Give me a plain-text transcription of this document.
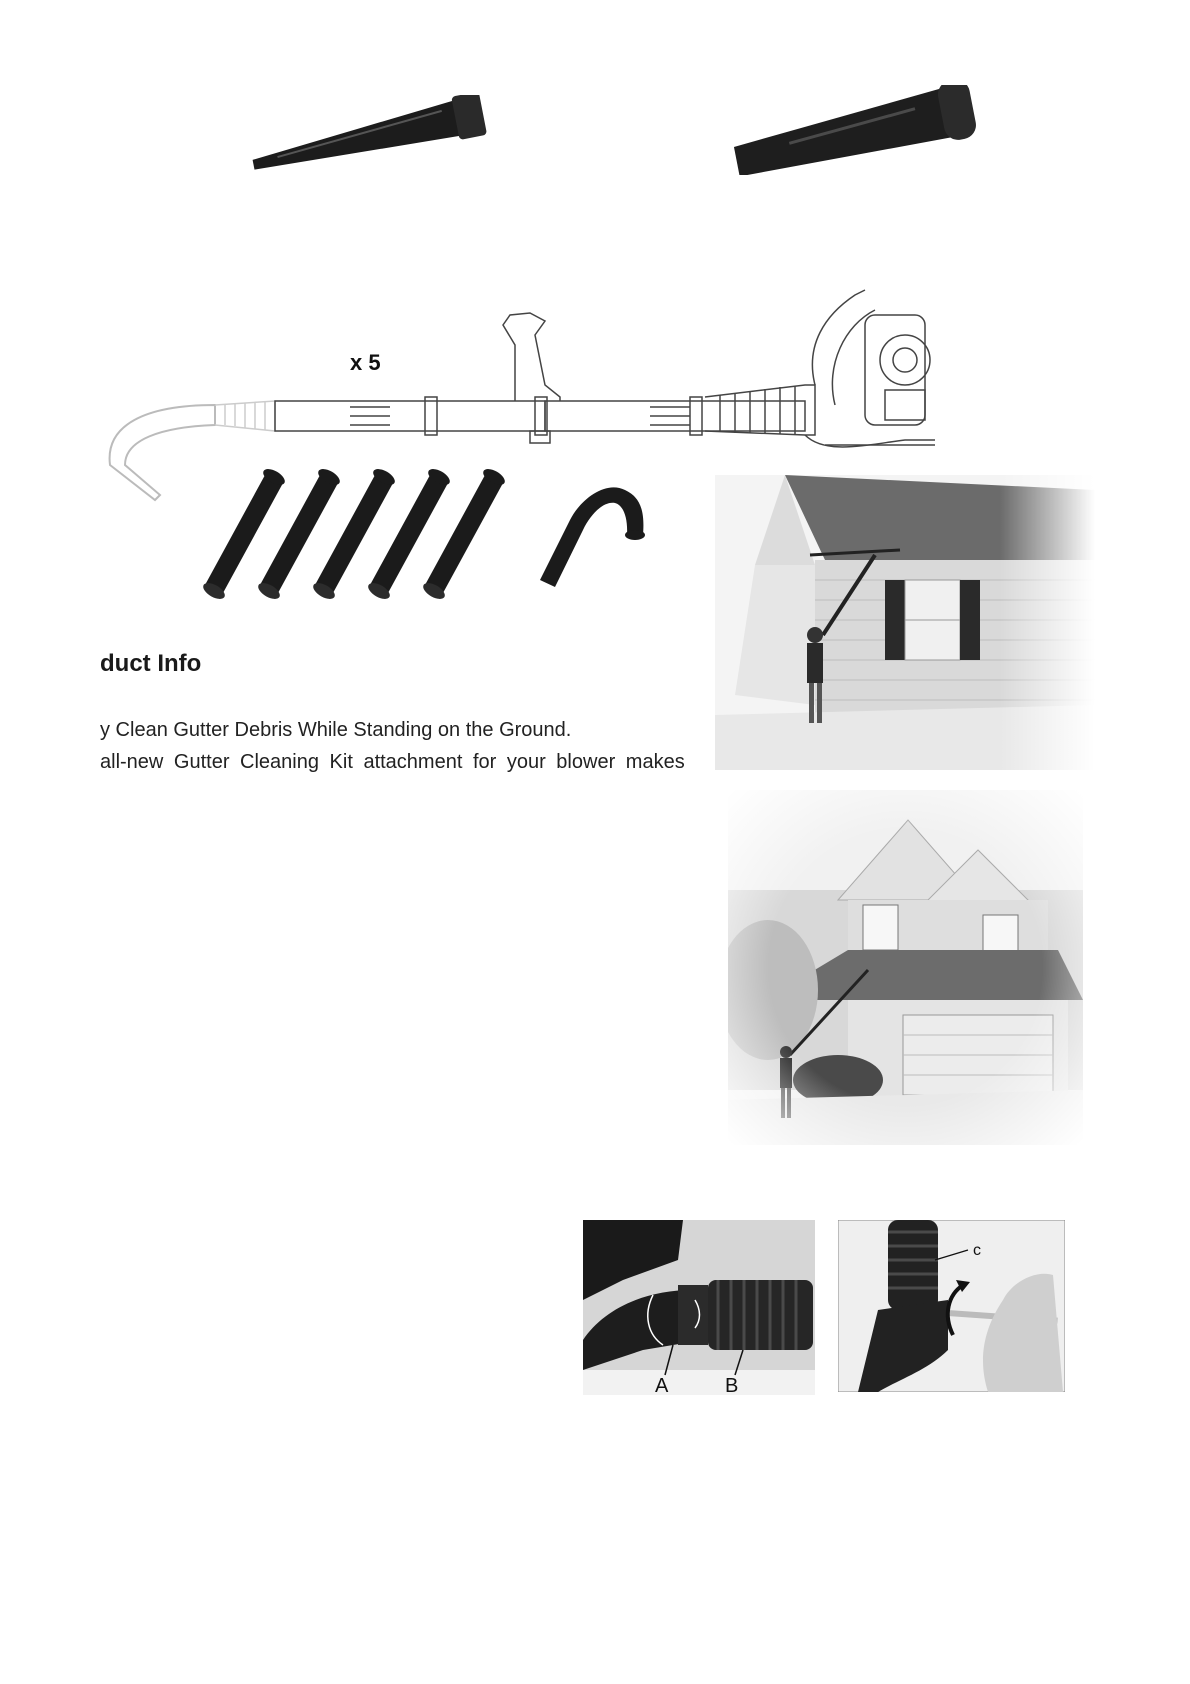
x 5
duct Info
y Clean Gutter Debris While Standing on the Ground.
all-new Gutter Cleaning Kit attachment for your blower makes
A	B
c
